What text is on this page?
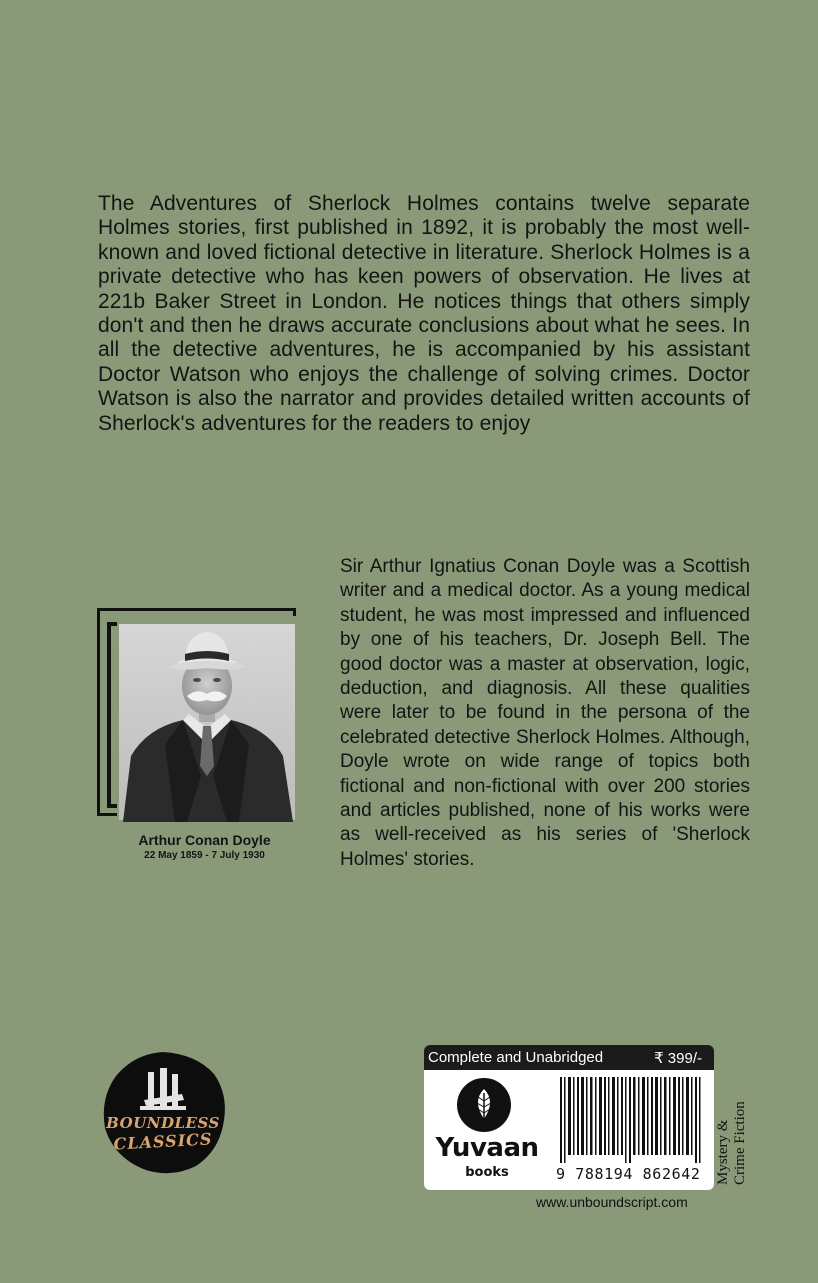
The Adventures of Sherlock Holmes contains twelve separate Holmes stories, first published in 1892, it is probably the most well-known and loved fictional detective in literature. Sherlock Holmes is a private detective who has keen powers of observation. He lives at 221b Baker Street in London. He notices things that others simply don't and then he draws accurate conclusions about what he sees. In all the detective adventures, he is accompanied by his assistant Doctor Watson who enjoys the challenge of solving crimes. Doctor Watson is also the narrator and provides detailed written accounts of Sherlock's adventures for the readers to enjoy

Arthur Conan Doyle
22 May 1859 - 7 July 1930

Sir Arthur Ignatius Conan Doyle was a Scottish writer and a medical doctor. As a young medical student, he was most impressed and influenced by one of his teachers, Dr. Joseph Bell. The good doctor was a master at observation, logic, deduction, and diagnosis. All these qualities were later to be found in the persona of the celebrated detective Sherlock Holmes. Although, Doyle wrote on wide range of topics both fictional and non-fictional with over 200 stories and articles published, none of his works were as well-received as his series of 'Sherlock Holmes' stories.

BOUNDLESS
CLASSICS
Complete and Unabridged	₹ 399/-
Yuvaan
books	9 788194 862642 Mystery & Crime Fiction
www.unboundscript.com
